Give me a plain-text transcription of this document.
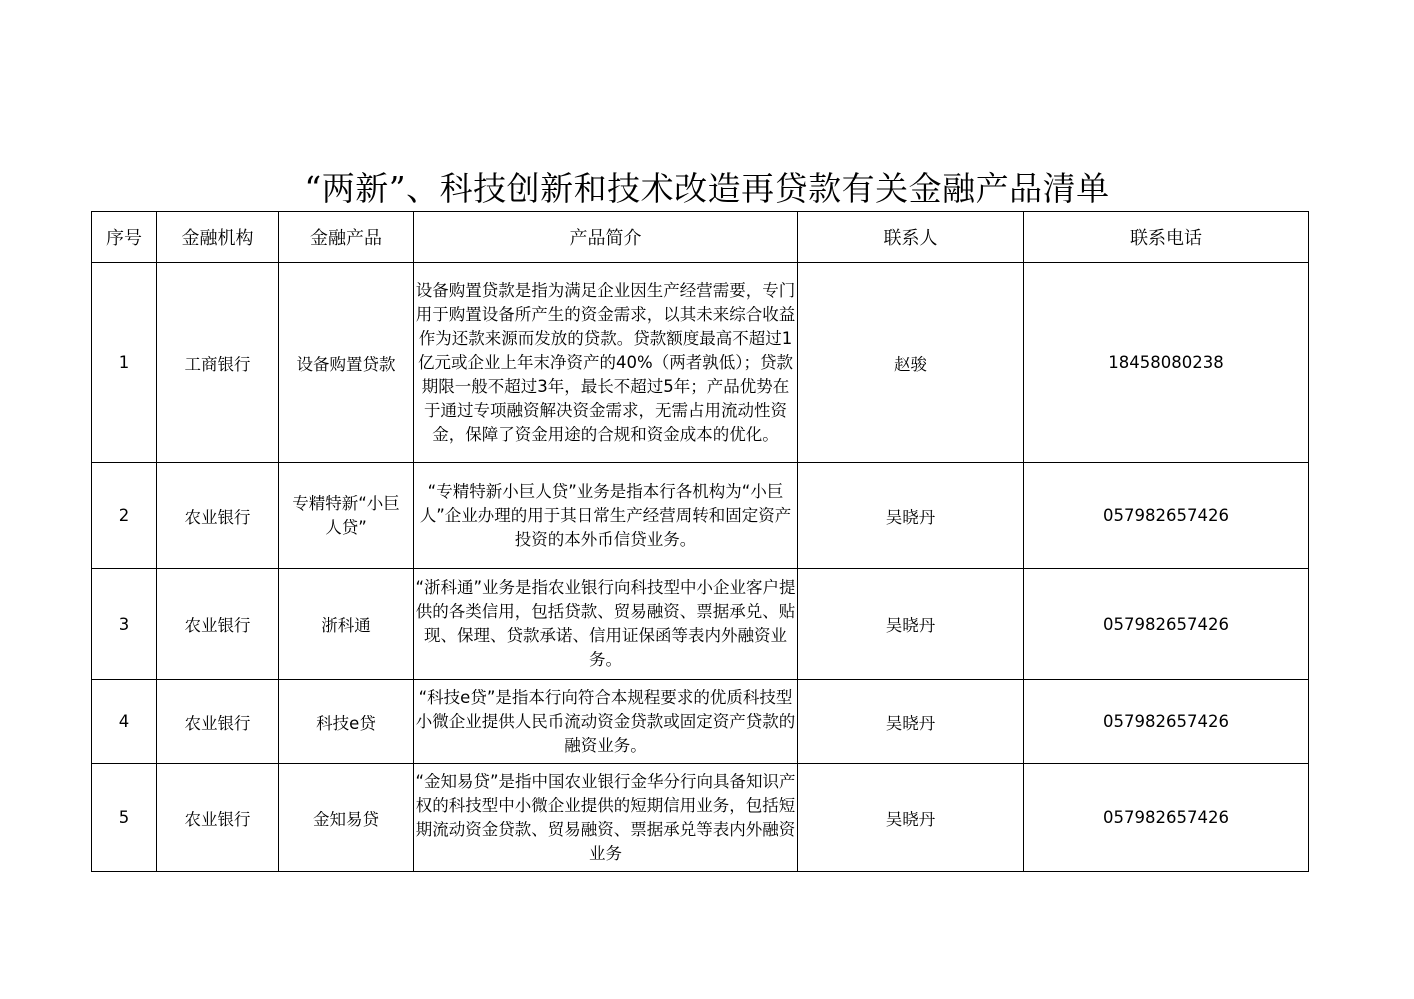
“两新”、科技创新和技术改造再贷款有关金融产品清单
序号	金融机构	金融产品	产品简介	联系人	联系电话
1	工商银行	设备购置贷款	设备购置贷款是指为满足企业因生产经营需要，专门用于购置设备所产生的资金需求，以其未来综合收益作为还款来源而发放的贷款。贷款额度最高不超过1亿元或企业上年末净资产的40%（两者孰低）；贷款期限一般不超过3年，最长不超过5年；产品优势在于通过专项融资解决资金需求，无需占用流动性资金，保障了资金用途的合规和资金成本的优化。	赵骏	18458080238
2	农业银行	专精特新“小巨人贷”	“专精特新小巨人贷”业务是指本行各机构为“小巨人”企业办理的用于其日常生产经营周转和固定资产投资的本外币信贷业务。	吴晓丹	057982657426
3	农业银行	浙科通	“浙科通”业务是指农业银行向科技型中小企业客户提供的各类信用，包括贷款、贸易融资、票据承兑、贴现、保理、贷款承诺、信用证保函等表内外融资业务。	吴晓丹	057982657426
4	农业银行	科技e贷	“科技e贷”是指本行向符合本规程要求的优质科技型小微企业提供人民币流动资金贷款或固定资产贷款的融资业务。	吴晓丹	057982657426
5	农业银行	金知易贷	“金知易贷”是指中国农业银行金华分行向具备知识产权的科技型中小微企业提供的短期信用业务，包括短期流动资金贷款、贸易融资、票据承兑等表内外融资业务	吴晓丹	057982657426
